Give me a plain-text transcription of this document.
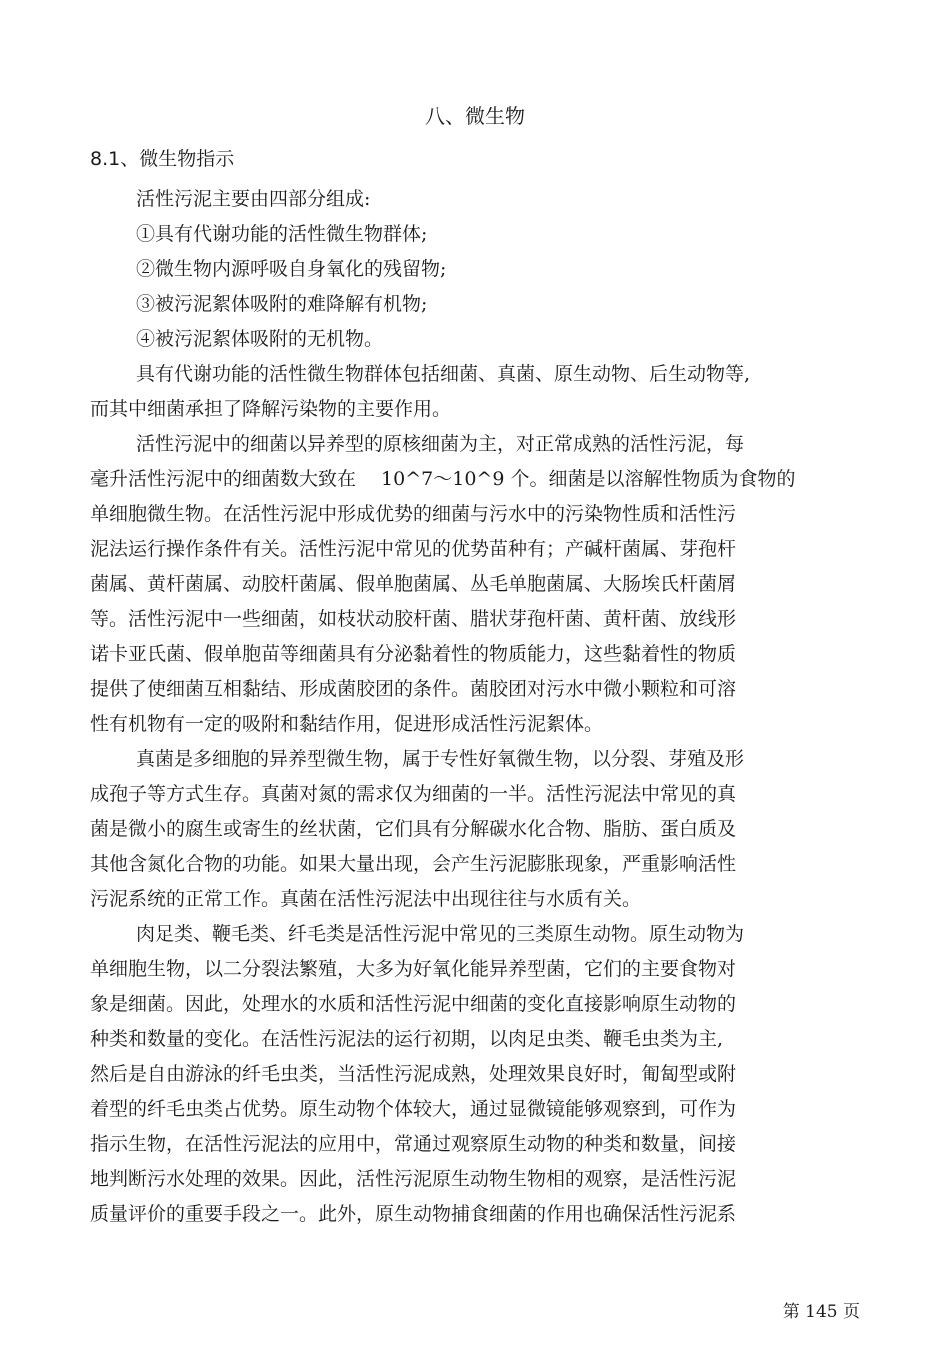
八、微生物
8.1、微生物指示

活性污泥主要由四部分组成:

①具有代谢功能的活性微生物群体;

②微生物内源呼吸自身氧化的残留物;

③被污泥絮体吸附的难降解有机物;

④被污泥絮体吸附的无机物。

具有代谢功能的活性微生物群体包括细菌、真菌、原生动物、后生动物等,

而其中细菌承担了降解污染物的主要作用。

活性污泥中的细菌以异养型的原核细菌为主，对正常成熟的活性污泥，每

毫升活性污泥中的细菌数大致在　 10^7～10^9 个。细菌是以溶解性物质为食物的

单细胞微生物。在活性污泥中形成优势的细菌与污水中的污染物性质和活性污

泥法运行操作条件有关。活性污泥中常见的优势苗种有；产碱杆菌属、芽孢杆

菌属、黄杆菌属、动胶杆菌属、假单胞菌属、丛毛单胞菌属、大肠埃氏杆菌屑

等。活性污泥中一些细菌，如枝状动胶杆菌、腊状芽孢杆菌、黄杆菌、放线形

诺卡亚氏菌、假单胞苗等细菌具有分泌黏着性的物质能力，这些黏着性的物质

提供了使细菌互相黏结、形成菌胶团的条件。菌胶团对污水中微小颗粒和可溶

性有机物有一定的吸附和黏结作用，促进形成活性污泥絮体。

真菌是多细胞的异养型微生物，属于专性好氧微生物，以分裂、芽殖及形

成孢子等方式生存。真菌对氮的需求仅为细菌的一半。活性污泥法中常见的真

菌是微小的腐生或寄生的丝状菌，它们具有分解碳水化合物、脂肪、蛋白质及

其他含氮化合物的功能。如果大量出现，会产生污泥膨胀现象，严重影响活性

污泥系统的正常工作。真菌在活性污泥法中出现往往与水质有关。

肉足类、鞭毛类、纤毛类是活性污泥中常见的三类原生动物。原生动物为

单细胞生物，以二分裂法繁殖，大多为好氧化能异养型菌，它们的主要食物对

象是细菌。因此，处理水的水质和活性污泥中细菌的变化直接影响原生动物的

种类和数量的变化。在活性污泥法的运行初期，以肉足虫类、鞭毛虫类为主,

然后是自由游泳的纤毛虫类，当活性污泥成熟，处理效果良好时，匍匐型或附

着型的纤毛虫类占优势。原生动物个体较大，通过显微镜能够观察到，可作为

指示生物，在活性污泥法的应用中，常通过观察原生动物的种类和数量，间接

地判断污水处理的效果。因此，活性污泥原生动物生物相的观察，是活性污泥

质量评价的重要手段之一。此外，原生动物捕食细菌的作用也确保活性污泥系

第 145 页
